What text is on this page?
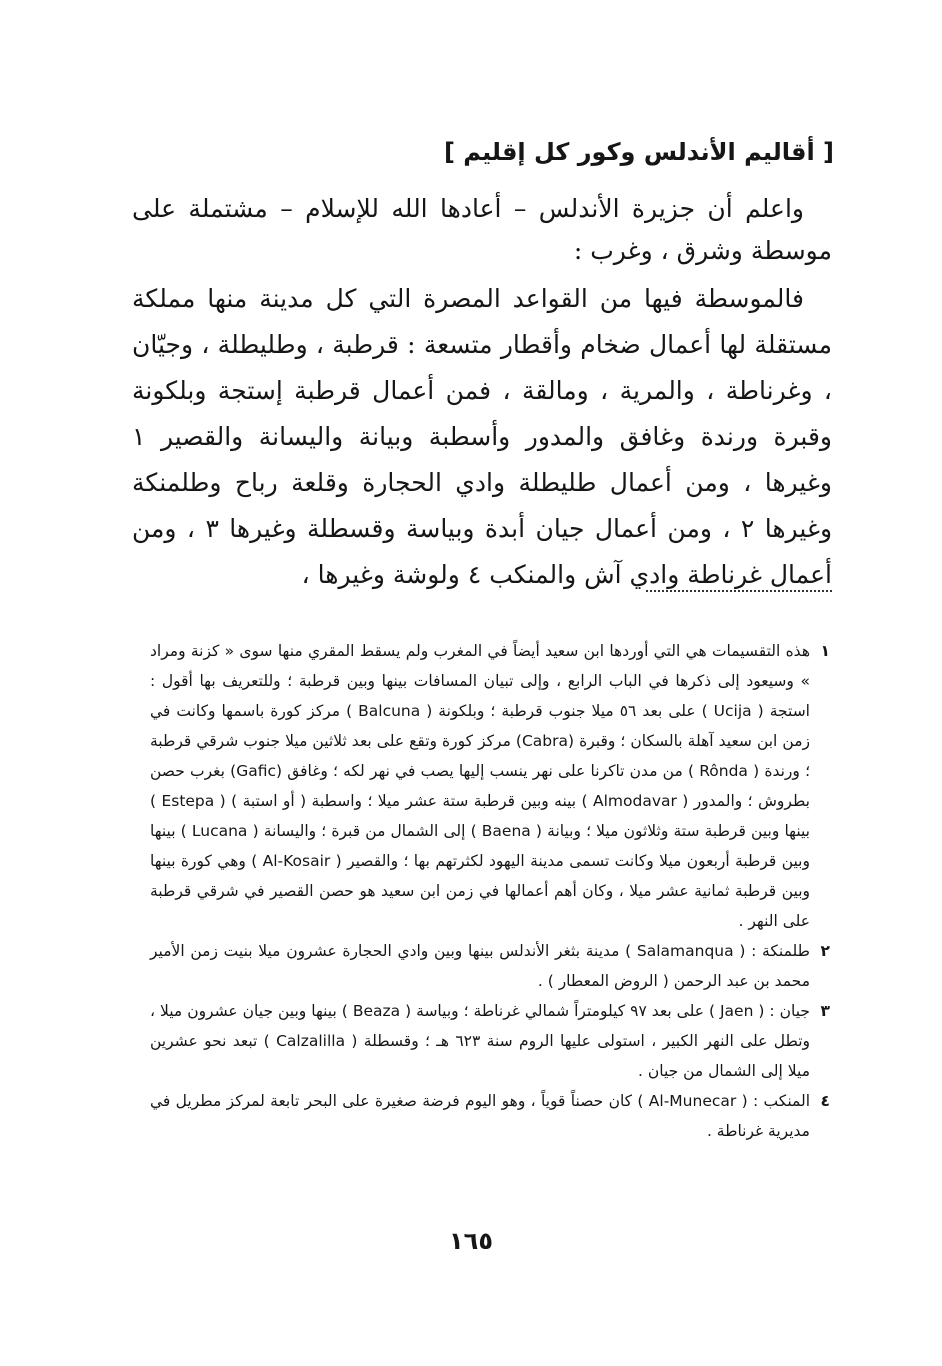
[ أقاليم الأندلس وكور كل إقليم ]

واعلم أن جزيرة الأندلس – أعادها الله للإسلام – مشتملة على موسطة وشرق ، وغرب :

فالموسطة فيها من القواعد المصرة التي كل مدينة منها مملكة مستقلة لها أعمال ضخام وأقطار متسعة : قرطبة ، وطليطلة ، وجيّان ، وغرناطة ، والمرية ، ومالقة ، فمن أعمال قرطبة إستجة وبلكونة وقبرة ورندة وغافق والمدور وأسطبة وبيانة واليسانة والقصير ١ وغيرها ، ومن أعمال طليطلة وادي الحجارة وقلعة رباح وطلمنكة وغيرها ٢ ، ومن أعمال جيان أبدة وبياسة وقسطلة وغيرها ٣ ، ومن أعمال غرناطة وادي آش والمنكب ٤ ولوشة وغيرها ،

١
هذه التقسيمات هي التي أوردها ابن سعيد أيضاً في المغرب ولم يسقط المقري منها سوى « كزنة ومراد » وسيعود إلى ذكرها في الباب الرابع ، وإلى تبيان المسافات بينها وبين قرطبة ؛ وللتعريف بها أقول : استجة ( Ucija ) على بعد ٥٦ ميلا جنوب قرطبة ؛ وبلكونة ( Balcuna ) مركز كورة باسمها وكانت في زمن ابن سعيد آهلة بالسكان ؛ وقبرة (Cabra) مركز كورة وتقع على بعد ثلاثين ميلا جنوب شرقي قرطبة ؛ ورندة ( Rônda ) من مدن تاكرنا على نهر ينسب إليها يصب في نهر لكه ؛ وغافق (Gafic) بغرب حصن بطروش ؛ والمدور ( Almodavar ) بينه وبين قرطبة ستة عشر ميلا ؛ واسطبة ( أو استبة ) ( Estepa ) بينها وبين قرطبة ستة وثلاثون ميلا ؛ وبيانة ( Baena ) إلى الشمال من قبرة ؛ واليسانة ( Lucana ) بينها وبين قرطبة أربعون ميلا وكانت تسمى مدينة اليهود لكثرتهم بها ؛ والقصير ( Al-Kosair ) وهي كورة بينها وبين قرطبة ثمانية عشر ميلا ، وكان أهم أعمالها في زمن ابن سعيد هو حصن القصير في شرقي قرطبة على النهر .
٢
طلمنكة : ( Salamanqua ) مدينة بثغر الأندلس بينها وبين وادي الحجارة عشرون ميلا بنيت زمن الأمير محمد بن عبد الرحمن ( الروض المعطار ) .
٣
جيان : ( Jaen ) على بعد ٩٧ كيلومتراً شمالي غرناطة ؛ وبياسة ( Beaza ) بينها وبين جيان عشرون ميلا ، وتطل على النهر الكبير ، استولى عليها الروم سنة ٦٢٣ هـ ؛ وقسطلة ( Calzalilla ) تبعد نحو عشرين ميلا إلى الشمال من جيان .
٤
المنكب : ( Al-Munecar ) كان حصناً قوياً ، وهو اليوم فرضة صغيرة على البحر تابعة لمركز مطريل في مديرية غرناطة .
١٦٥
